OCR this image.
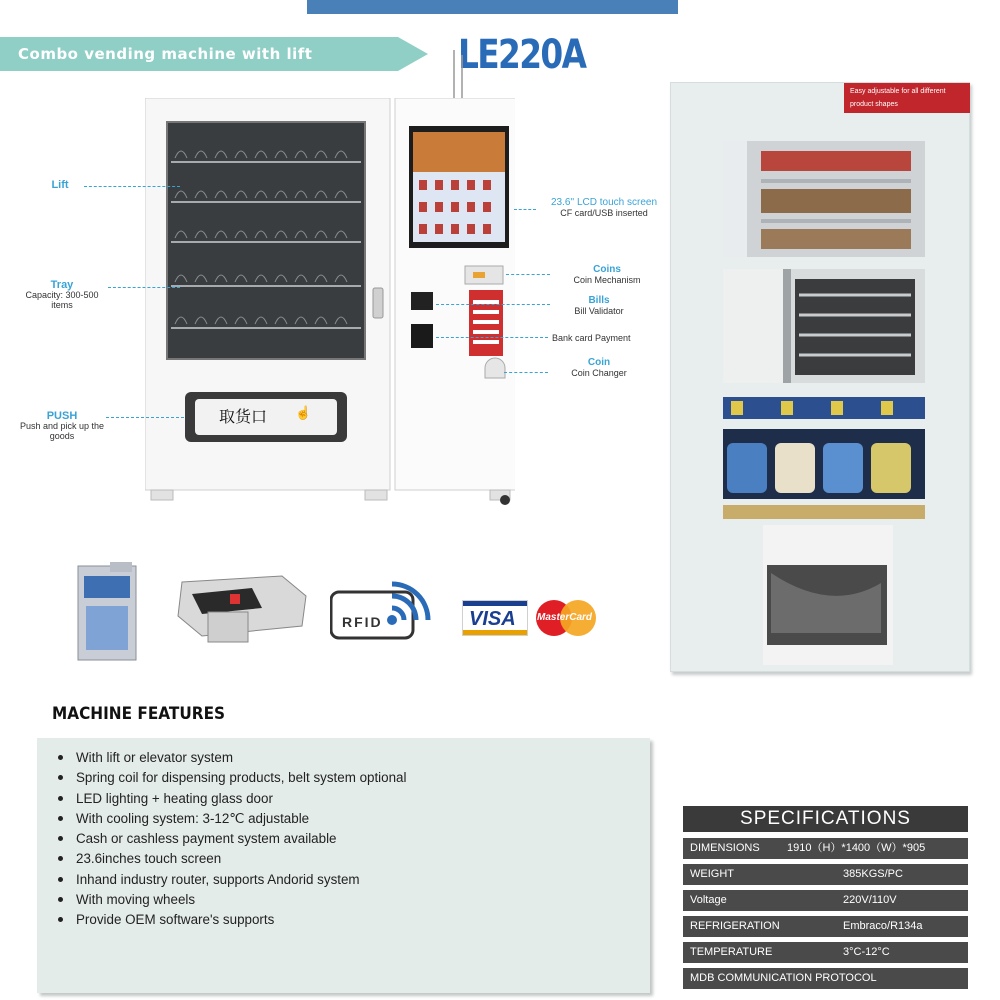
Combo vending machine with lift	LE220A
取货口 ☝
Lift
Tray
Capacity: 300-500 items
PUSH
Push and pick up the goods
23.6'' LCD touch screen
CF card/USB inserted
Coins
Coin Mechanism
Bills
Bill Validator
Bank card Payment
Coin
Coin Changer
RFID	VISA MasterCard
Easy adjustable for all different product shapes
MACHINE FEATURES
With lift or elevator system
Spring coil for dispensing products, belt system optional
LED lighting + heating glass door
With cooling system: 3-12℃ adjustable
Cash or cashless payment system available
23.6inches touch screen
Inhand industry router, supports Andorid system
With moving wheels
Provide OEM software's supports
SPECIFICATIONS
DIMENSIONS 1910（H）*1400（W）*905
WEIGHT	385KGS/PC
Voltage	220V/110V
REFRIGERATION	Embraco/R134a
TEMPERATURE	3°C-12°C
MDB COMMUNICATION PROTOCOL
